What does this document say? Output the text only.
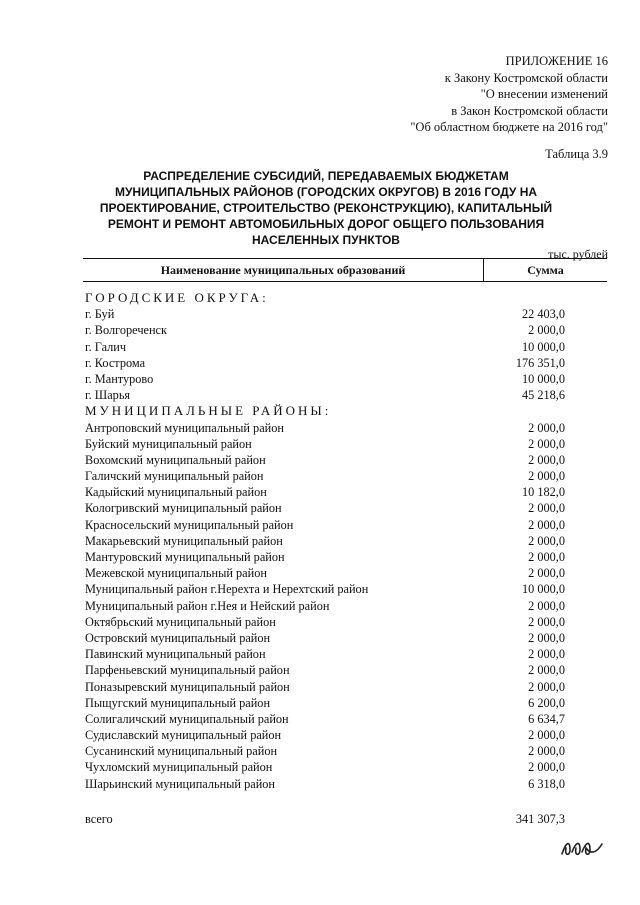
ПРИЛОЖЕНИЕ 16
к Закону Костромской области
"О внесении изменений
в Закон Костромской области
"Об областном бюджете на 2016 год"
Таблица 3.9
РАСПРЕДЕЛЕНИЕ СУБСИДИЙ, ПЕРЕДАВАЕМЫХ БЮДЖЕТАМ МУНИЦИПАЛЬНЫХ РАЙОНОВ (ГОРОДСКИХ ОКРУГОВ) В 2016 ГОДУ НА ПРОЕКТИРОВАНИЕ, СТРОИТЕЛЬСТВО (РЕКОНСТРУКЦИЮ), КАПИТАЛЬНЫЙ РЕМОНТ И РЕМОНТ АВТОМОБИЛЬНЫХ ДОРОГ ОБЩЕГО ПОЛЬЗОВАНИЯ НАСЕЛЕННЫХ ПУНКТОВ
тыс. рублей
Наименование муниципальных образований	Сумма
ГОРОДСКИЕ ОКРУГА:
г. Буй	22 403,0
г. Волгореченск	2 000,0
г. Галич	10 000,0
г. Кострома	176 351,0
г. Мантурово	10 000,0
г. Шарья	45 218,6
МУНИЦИПАЛЬНЫЕ РАЙОНЫ:
Антроповский муниципальный район	2 000,0
Буйский муниципальный район	2 000,0
Вохомский муниципальный район	2 000,0
Галичский муниципальный район	2 000,0
Кадыйский муниципальный район	10 182,0
Кологривский муниципальный район	2 000,0
Красносельский муниципальный район	2 000,0
Макарьевский муниципальный район	2 000,0
Мантуровский муниципальный район	2 000,0
Межевской муниципальный район	2 000,0
Муниципальный район г.Нерехта и Нерехтский район	10 000,0
Муниципальный район г.Нея и Нейский район	2 000,0
Октябрьский муниципальный район	2 000,0
Островский муниципальный район	2 000,0
Павинский муниципальный район	2 000,0
Парфеньевский муниципальный район	2 000,0
Поназыревский муниципальный район	2 000,0
Пыщугский муниципальный район	6 200,0
Солигаличский муниципальный район	6 634,7
Судиславский муниципальный район	2 000,0
Сусанинский муниципальный район	2 000,0
Чухломский муниципальный район	2 000,0
Шарьинский муниципальный район	6 318,0
всего	341 307,3
